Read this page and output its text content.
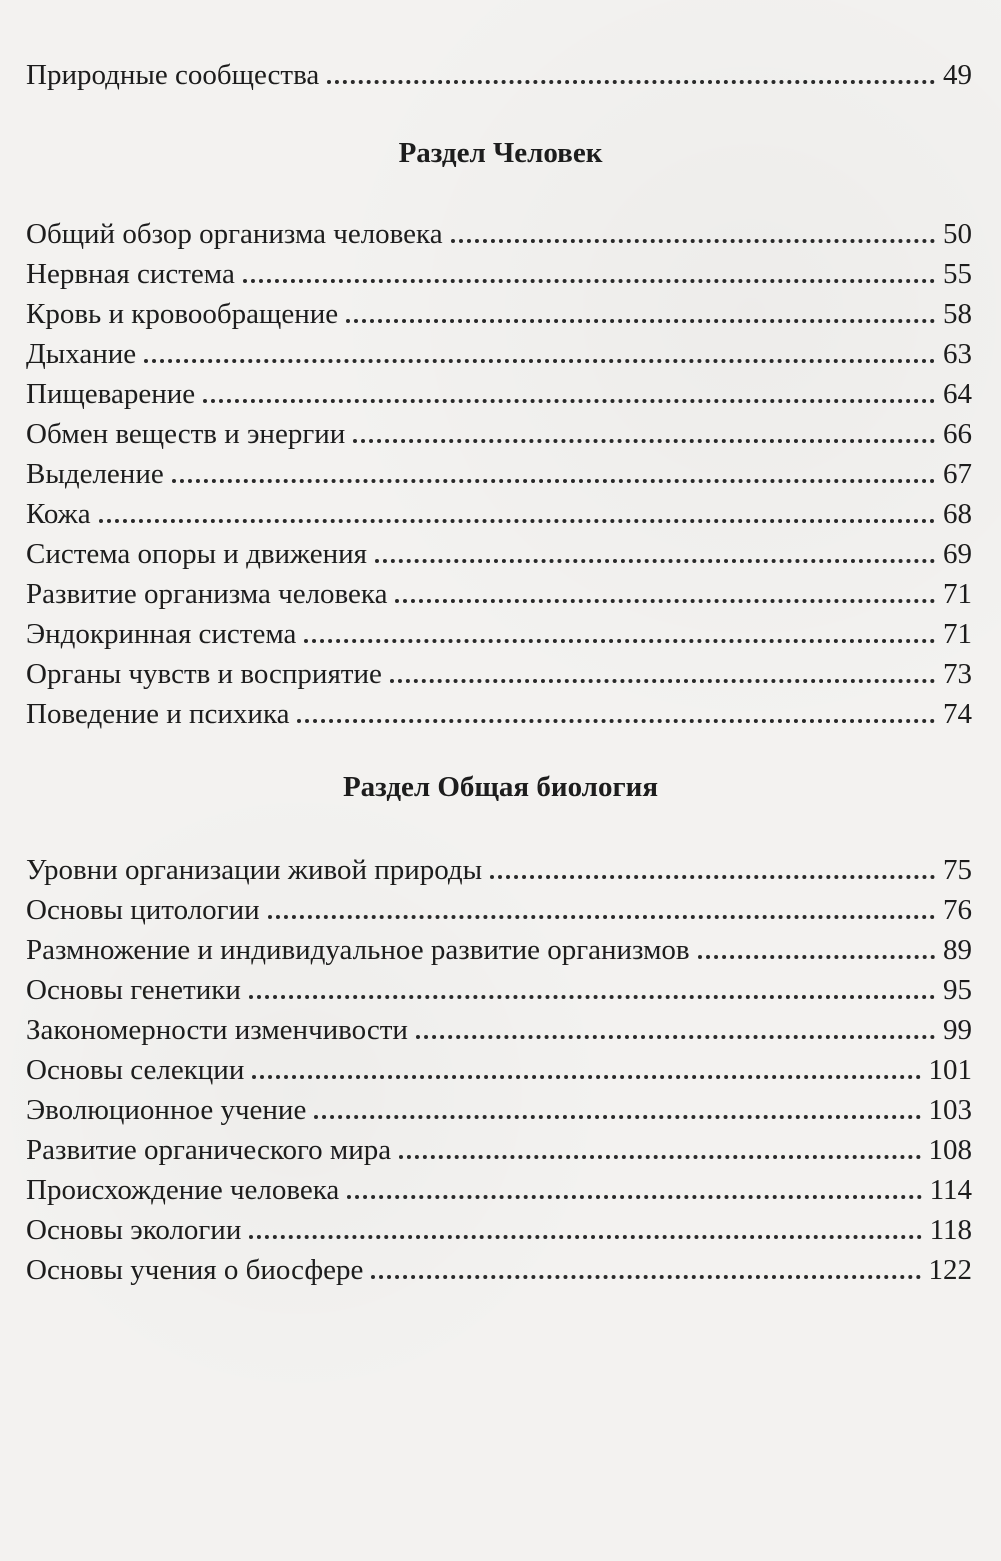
Природные сообщества	49
Раздел Человек
Общий обзор организма человека	50
Нервная система	55
Кровь и кровообращение	58
Дыхание	63
Пищеварение	64
Обмен веществ и энергии	66
Выделение	67
Кожа	68
Система опоры и движения	69
Развитие организма человека	71
Эндокринная система	71
Органы чувств и восприятие	73
Поведение и психика	74
Раздел Общая биология
Уровни организации живой природы	75
Основы цитологии	76
Размножение и индивидуальное развитие организмов	89
Основы генетики	95
Закономерности изменчивости	99
Основы селекции	101
Эволюционное учение	103
Развитие органического мира	108
Происхождение человека	114
Основы экологии	118
Основы учения о биосфере	122
